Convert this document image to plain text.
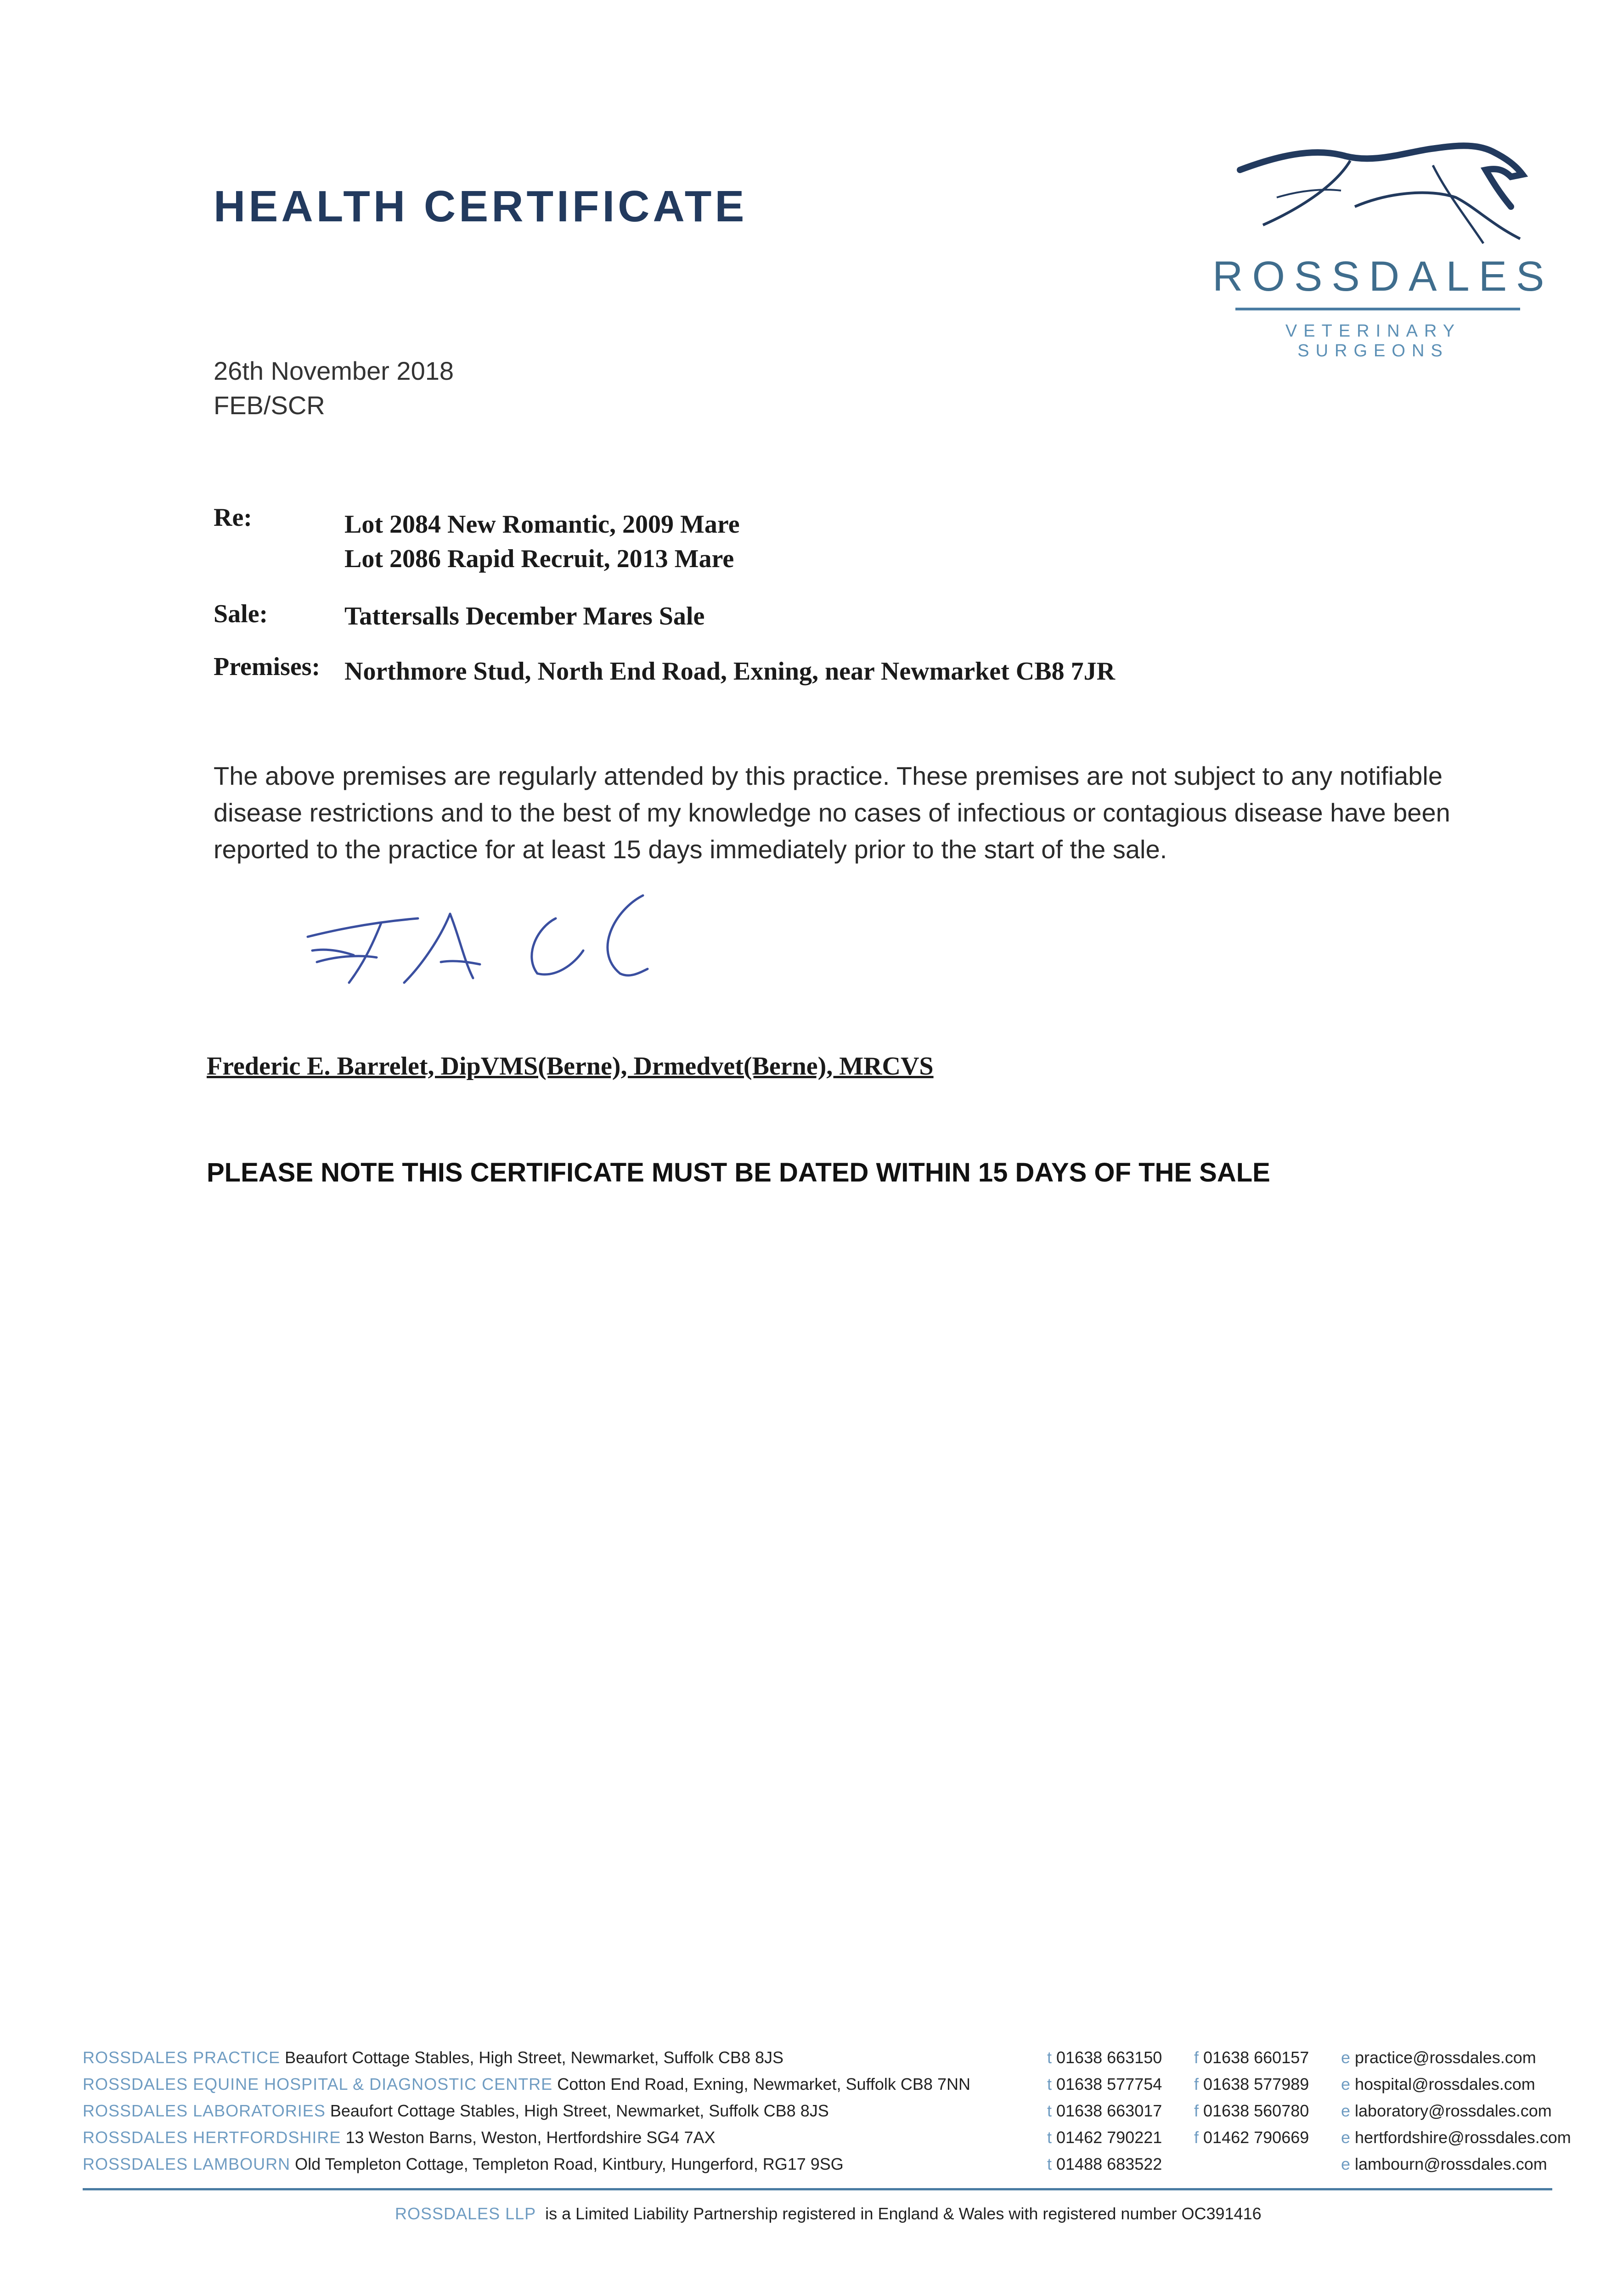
HEALTH CERTIFICATE
ROSSDALES
VETERINARY SURGEONS
26th November 2018
FEB/SCR
Re:	Lot 2084 New Romantic, 2009 Mare
Lot 2086 Rapid Recruit, 2013 Mare
Sale:	Tattersalls December Mares Sale
Premises: Northmore Stud, North End Road, Exning, near Newmarket CB8 7JR
The above premises are regularly attended by this practice. These premises are not subject to any notifiable disease restrictions and to the best of my knowledge no cases of infectious or contagious disease have been reported to the practice for at least 15 days immediately prior to the start of the sale.
Frederic E. Barrelet, DipVMS(Berne), Drmedvet(Berne), MRCVS
PLEASE NOTE THIS CERTIFICATE MUST BE DATED WITHIN 15 DAYS OF THE SALE
ROSSDALES PRACTICE Beaufort Cottage Stables, High Street, Newmarket, Suffolk CB8 8JS	t 01638 663150 f 01638 660157 e practice@rossdales.com
ROSSDALES EQUINE HOSPITAL & DIAGNOSTIC CENTRE Cotton End Road, Exning, Newmarket, Suffolk CB8 7NN	t 01638 577754 f 01638 577989 e hospital@rossdales.com
ROSSDALES LABORATORIES Beaufort Cottage Stables, High Street, Newmarket, Suffolk CB8 8JS	t 01638 663017 f 01638 560780 e laboratory@rossdales.com
ROSSDALES HERTFORDSHIRE 13 Weston Barns, Weston, Hertfordshire SG4 7AX	t 01462 790221 f 01462 790669 e hertfordshire@rossdales.com
ROSSDALES LAMBOURN Old Templeton Cottage, Templeton Road, Kintbury, Hungerford, RG17 9SG	t 01488 683522	e lambourn@rossdales.com
ROSSDALES LLP is a Limited Liability Partnership registered in England & Wales with registered number OC391416
